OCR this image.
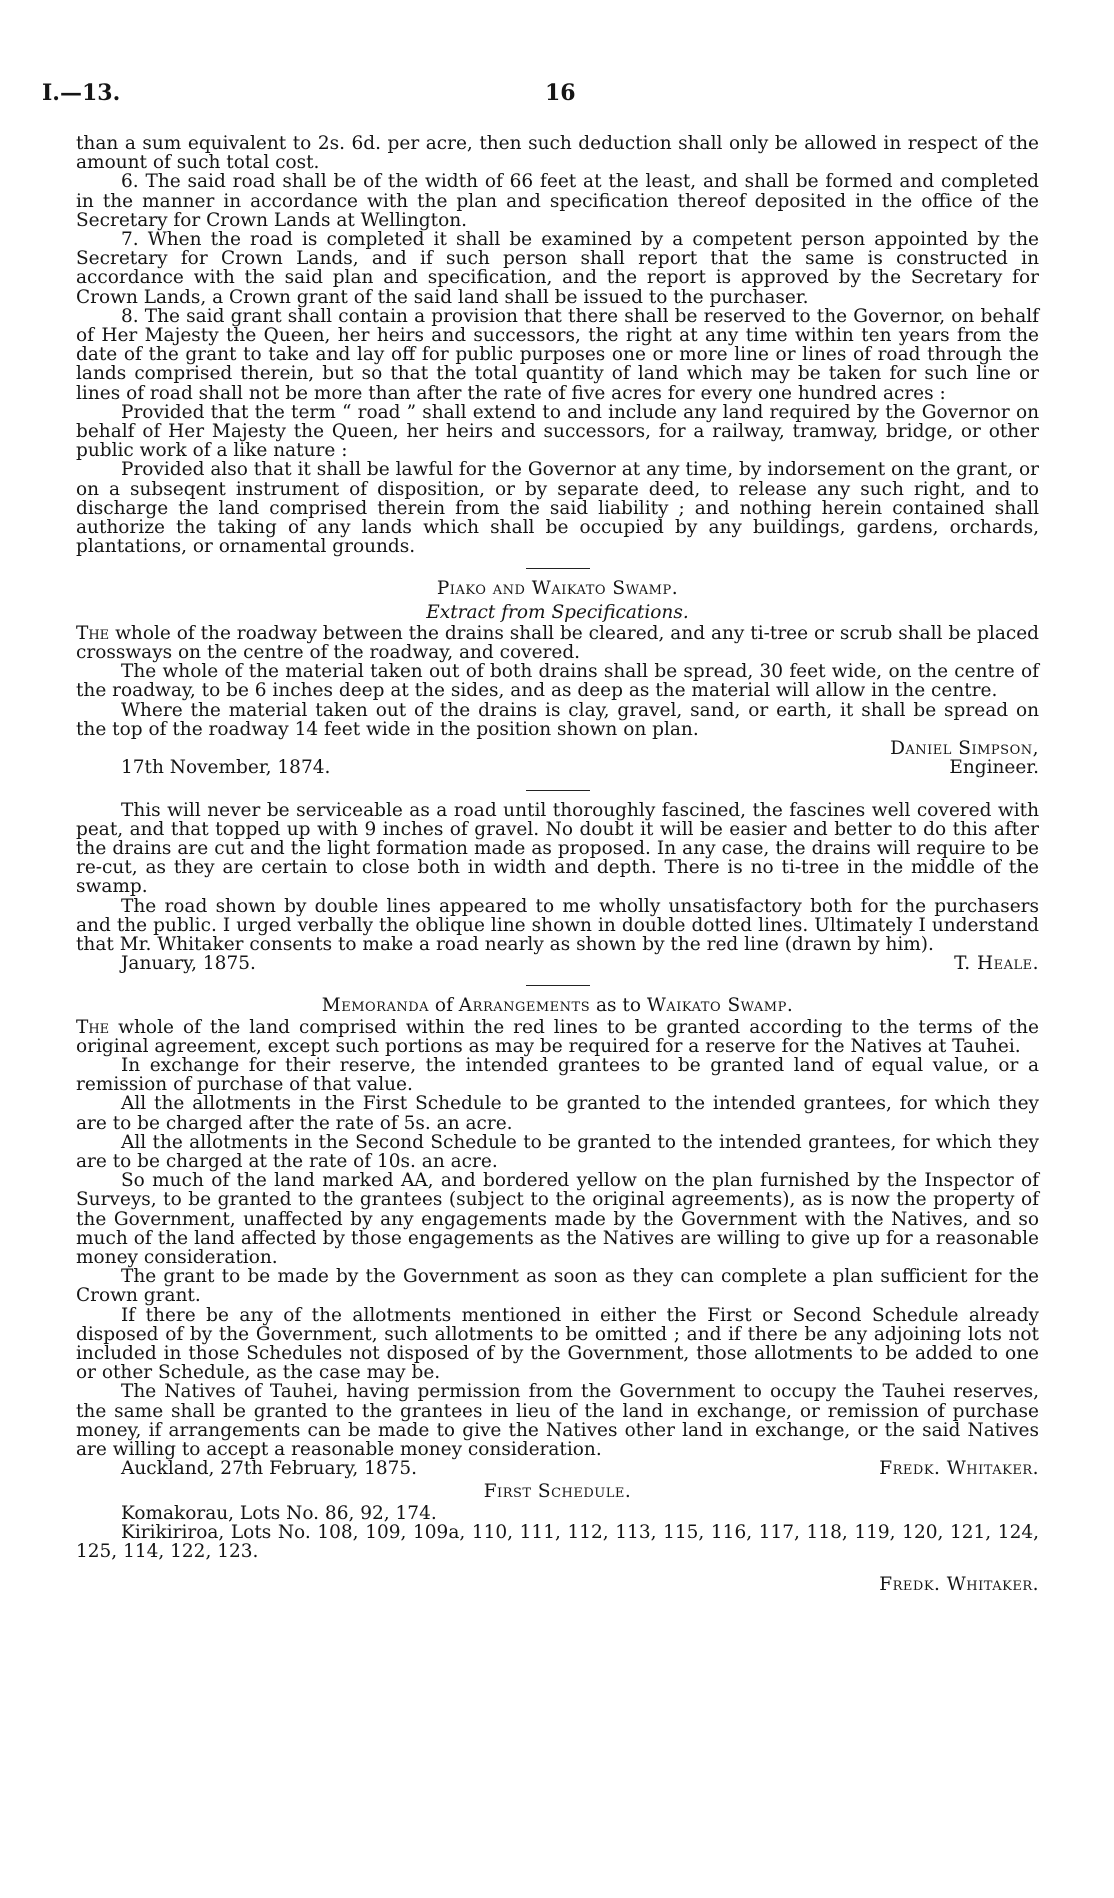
I.—13.	16

than a sum equivalent to 2s. 6d. per acre, then such deduction shall only be allowed in respect of the amount of such total cost.

6. The said road shall be of the width of 66 feet at the least, and shall be formed and completed in the manner in accordance with the plan and specification thereof deposited in the office of the Secretary for Crown Lands at Wellington.

7. When the road is completed it shall be examined by a competent person appointed by the Secretary for Crown Lands, and if such person shall report that the same is constructed in accordance with the said plan and specification, and the report is approved by the Secretary for Crown Lands, a Crown grant of the said land shall be issued to the purchaser.

8. The said grant shall contain a provision that there shall be reserved to the Governor, on behalf of Her Majesty the Queen, her heirs and successors, the right at any time within ten years from the date of the grant to take and lay off for public purposes one or more line or lines of road through the lands comprised therein, but so that the total quantity of land which may be taken for such line or lines of road shall not be more than after the rate of five acres for every one hundred acres :

Provided that the term “ road ” shall extend to and include any land required by the Governor on behalf of Her Majesty the Queen, her heirs and successors, for a railway, tramway, bridge, or other public work of a like nature :

Provided also that it shall be lawful for the Governor at any time, by indorsement on the grant, or on a subseqent instrument of disposition, or by separate deed, to release any such right, and to discharge the land comprised therein from the said liability ; and nothing herein contained shall authorize the taking of any lands which shall be occupied by any buildings, gardens, orchards, plantations, or ornamental grounds.

Piako and Waikato Swamp.
Extract from Specifications.

The whole of the roadway between the drains shall be cleared, and any ti-tree or scrub shall be placed crossways on the centre of the roadway, and covered.

The whole of the material taken out of both drains shall be spread, 30 feet wide, on the centre of the roadway, to be 6 inches deep at the sides, and as deep as the material will allow in the centre.

Where the material taken out of the drains is clay, gravel, sand, or earth, it shall be spread on the top of the roadway 14 feet wide in the position shown on plan.

Daniel Simpson,
17th November, 1874.	Engineer.

This will never be serviceable as a road until thoroughly fascined, the fascines well covered with peat, and that topped up with 9 inches of gravel. No doubt it will be easier and better to do this after the drains are cut and the light formation made as proposed. In any case, the drains will require to be re-cut, as they are certain to close both in width and depth. There is no ti-tree in the middle of the swamp.

The road shown by double lines appeared to me wholly unsatisfactory both for the purchasers and the public. I urged verbally the oblique line shown in double dotted lines. Ultimately I understand that Mr. Whitaker consents to make a road nearly as shown by the red line (drawn by him).

January, 1875.	T. Heale.
Memoranda of Arrangements as to Waikato Swamp.

The whole of the land comprised within the red lines to be granted according to the terms of the original agreement, except such portions as may be required for a reserve for the Natives at Tauhei.

In exchange for their reserve, the intended grantees to be granted land of equal value, or a remission of purchase of that value.

All the allotments in the First Schedule to be granted to the intended grantees, for which they are to be charged after the rate of 5s. an acre.

All the allotments in the Second Schedule to be granted to the intended grantees, for which they are to be charged at the rate of 10s. an acre.

So much of the land marked AA, and bordered yellow on the plan furnished by the Inspector of Surveys, to be granted to the grantees (subject to the original agreements), as is now the property of the Government, unaffected by any engagements made by the Government with the Natives, and so much of the land affected by those engagements as the Natives are willing to give up for a reasonable money consideration.

The grant to be made by the Government as soon as they can complete a plan sufficient for the Crown grant.

If there be any of the allotments mentioned in either the First or Second Schedule already disposed of by the Government, such allotments to be omitted ; and if there be any adjoining lots not included in those Schedules not disposed of by the Government, those allotments to be added to one or other Schedule, as the case may be.

The Natives of Tauhei, having permission from the Government to occupy the Tauhei reserves, the same shall be granted to the grantees in lieu of the land in exchange, or remission of purchase money, if arrangements can be made to give the Natives other land in exchange, or the said Natives are willing to accept a reasonable money consideration.

Auckland, 27th February, 1875.	Fredk. Whitaker.
First Schedule.

Komakorau, Lots No. 86, 92, 174.

Kirikiriroa, Lots No. 108, 109, 109a, 110, 111, 112, 113, 115, 116, 117, 118, 119, 120, 121, 124, 125, 114, 122, 123.

Fredk. Whitaker.
